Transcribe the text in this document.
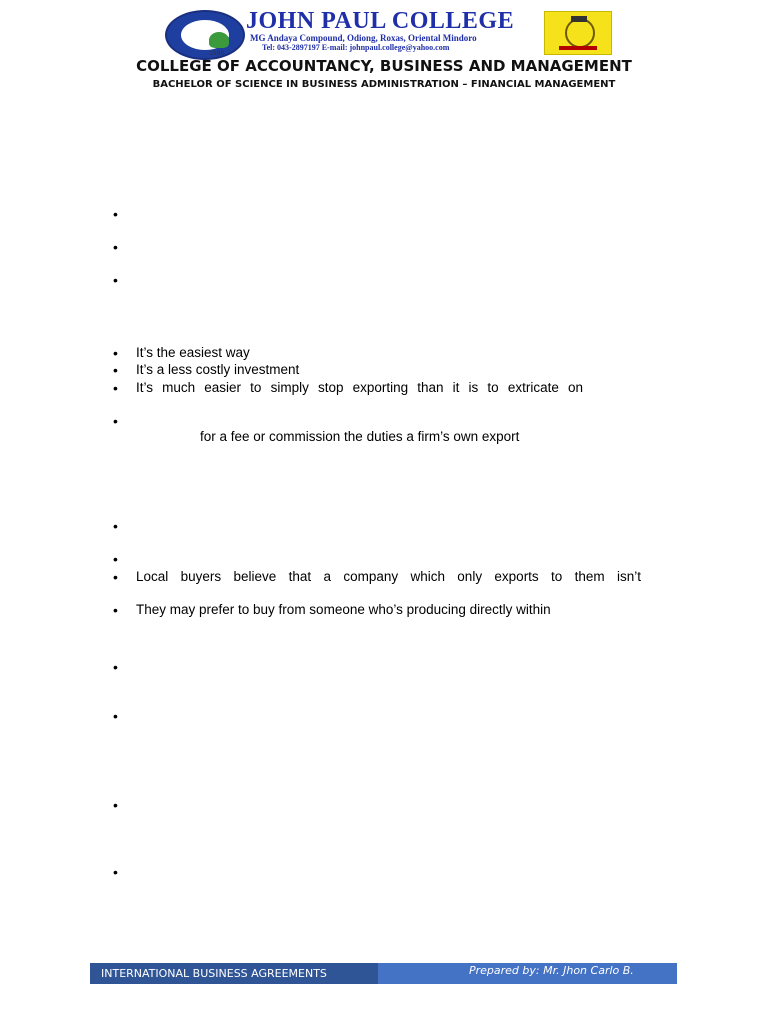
1990
JOHN PAUL COLLEGE
MG Andaya Compound, Odiong, Roxas, Oriental Mindoro
Tel: 043-2897197 E-mail: johnpaul.college@yahoo.com
COLLEGE OF ACCOUNTANCY, BUSINESS AND MANAGEMENT
BACHELOR OF SCIENCE IN BUSINESS ADMINISTRATION – FINANCIAL MANAGEMENT
•
•
•
•
It’s the easiest way
•
It’s a less costly investment
•
It’s much easier to simply stop exporting than it is to extricate on
•
for a fee or commission the duties a firm’s own export
•
•
•
Local buyers believe that a company which only exports to them isn’t
•
They may prefer to buy from someone who’s producing directly within
•
•
•
•
INTERNATIONAL BUSINESS AGREEMENTS	Prepared by: Mr. Jhon Carlo B.
